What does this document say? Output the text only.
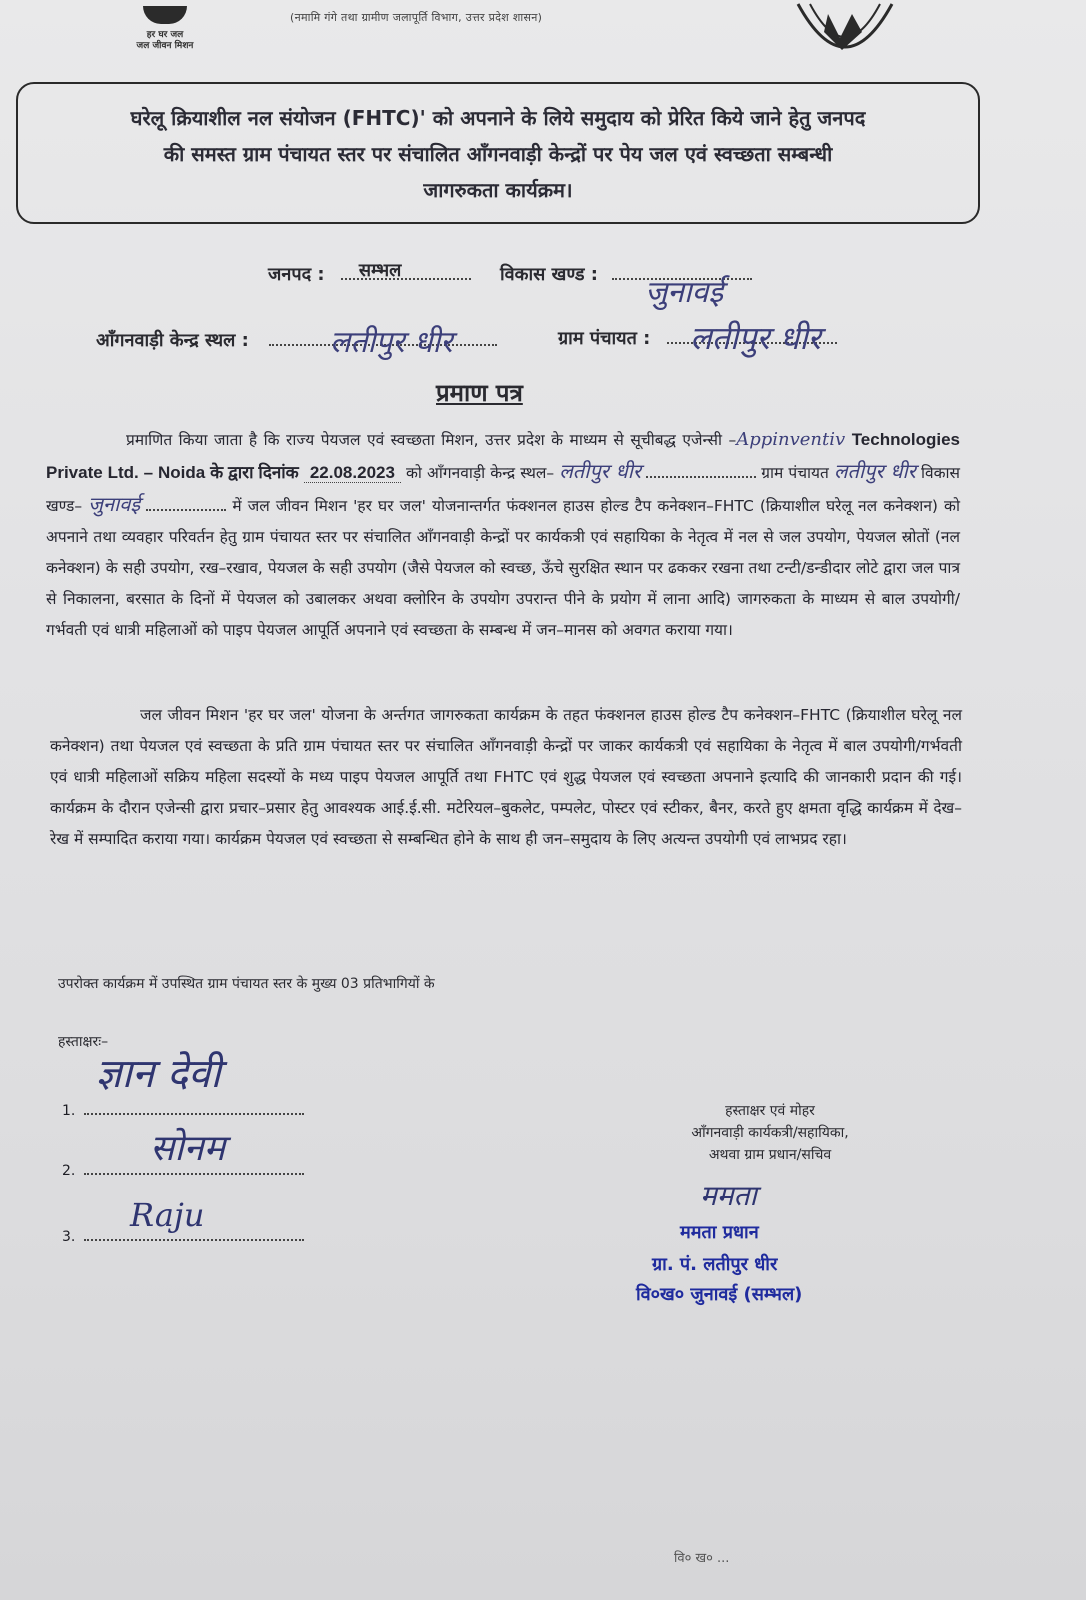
हर घर जल
जल जीवन मिशन
(नमामि गंगे तथा ग्रामीण जलापूर्ति विभाग, उत्तर प्रदेश शासन)
घरेलू क्रियाशील नल संयोजन (FHTC)' को अपनाने के लिये समुदाय को प्रेरित किये जाने हेतु जनपद
की समस्त ग्राम पंचायत स्तर पर संचालित आँगनवाड़ी केन्द्रों पर पेय जल एवं स्वच्छता सम्बन्धी
जागरुकता कार्यक्रम।
जनपद : सम्भल	विकास खण्ड :
जुनावई
आँगनवाड़ी केन्द्र स्थल :	लतीपुर धीर	ग्राम पंचायत :	लतीपुर धीर
प्रमाण पत्र
प्रमाणित किया जाता है कि राज्य पेयजल एवं स्वच्छता मिशन, उत्तर प्रदेश के माध्यम से सूचीबद्ध एजेन्सी –Appinventiv Technologies Private Ltd. – Noida के द्वारा दिनांक 22.08.2023 को आँगनवाड़ी केन्द्र स्थल– लतीपुर धीर	ग्राम पंचायत लतीपुर धीर विकास खण्ड– जुनावई	में जल जीवन मिशन 'हर घर जल' योजनान्तर्गत फंक्शनल हाउस होल्ड टैप कनेक्शन–FHTC (क्रियाशील घरेलू नल कनेक्शन) को अपनाने तथा व्यवहार परिवर्तन हेतु ग्राम पंचायत स्तर पर संचालित आँगनवाड़ी केन्द्रों पर कार्यकत्री एवं सहायिका के नेतृत्व में नल से जल उपयोग, पेयजल स्रोतों (नल कनेक्शन) के सही उपयोग, रख–रखाव, पेयजल के सही उपयोग (जैसे पेयजल को स्वच्छ, ऊँचे सुरक्षित स्थान पर ढककर रखना तथा टन्टी/डन्डीदार लोटे द्वारा जल पात्र से निकालना, बरसात के दिनों में पेयजल को उबालकर अथवा क्लोरिन के उपयोग उपरान्त पीने के प्रयोग में लाना आदि) जागरुकता के माध्यम से बाल उपयोगी/गर्भवती एवं धात्री महिलाओं को पाइप पेयजल आपूर्ति अपनाने एवं स्वच्छता के सम्बन्ध में जन–मानस को अवगत कराया गया।
जल जीवन मिशन 'हर घर जल' योजना के अर्न्तगत जागरुकता कार्यक्रम के तहत फंक्शनल हाउस होल्ड टैप कनेक्शन–FHTC (क्रियाशील घरेलू नल कनेक्शन) तथा पेयजल एवं स्वच्छता के प्रति ग्राम पंचायत स्तर पर संचालित आँगनवाड़ी केन्द्रों पर जाकर कार्यकत्री एवं सहायिका के नेतृत्व में बाल उपयोगी/गर्भवती एवं धात्री महिलाओं सक्रिय महिला सदस्यों के मध्य पाइप पेयजल आपूर्ति तथा FHTC एवं शुद्ध पेयजल एवं स्वच्छता अपनाने इत्यादि की जानकारी प्रदान की गई। कार्यक्रम के दौरान एजेन्सी द्वारा प्रचार–प्रसार हेतु आवश्यक आई.ई.सी. मटेरियल–बुकलेट, पम्पलेट, पोस्टर एवं स्टीकर, बैनर, करते हुए क्षमता वृद्धि कार्यक्रम में देख–रेख में सम्पादित कराया गया। कार्यक्रम पेयजल एवं स्वच्छता से सम्बन्धित होने के साथ ही जन–समुदाय के लिए अत्यन्त उपयोगी एवं लाभप्रद रहा।
उपरोक्त कार्यक्रम में उपस्थित ग्राम पंचायत स्तर के मुख्य 03 प्रतिभागियों के
हस्ताक्षरः–
1.
ज्ञान देवी
2.
सोनम
3.
Raju
हस्ताक्षर एवं मोहर
आँगनवाड़ी कार्यकत्री/सहायिका,
अथवा ग्राम प्रधान/सचिव
ममता
ममता प्रधान
ग्रा. पं. लतीपुर धीर
वि०ख० जुनावई (सम्भल)
वि० ख० ...
